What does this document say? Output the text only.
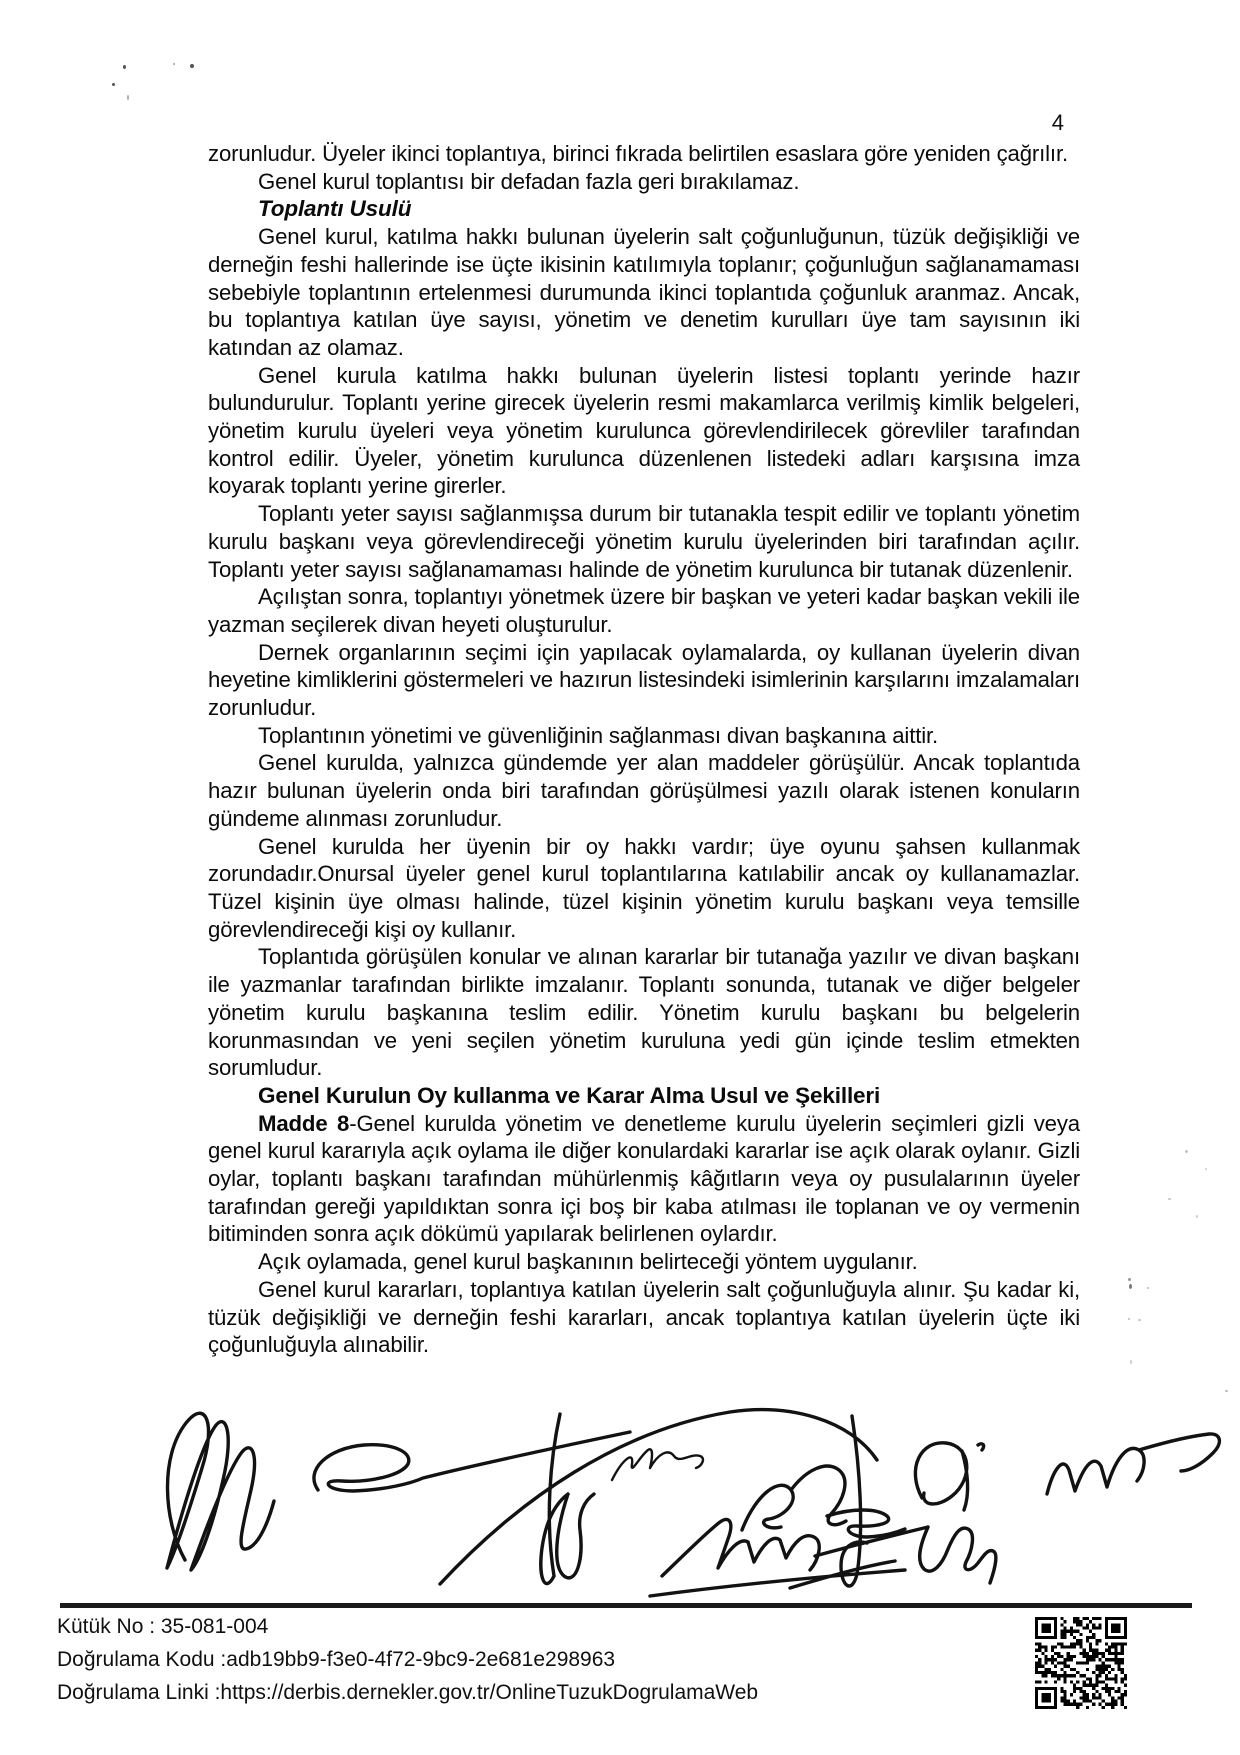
4

zorunludur. Üyeler ikinci toplantıya, birinci fıkrada belirtilen esaslara göre yeniden çağrılır.

Genel kurul toplantısı bir defadan fazla geri bırakılamaz.

Toplantı Usulü

Genel kurul, katılma hakkı bulunan üyelerin salt çoğunluğunun, tüzük değişikliği ve derneğin feshi hallerinde ise üçte ikisinin katılımıyla toplanır; çoğunluğun sağlanamaması sebebiyle toplantının ertelenmesi durumunda ikinci toplantıda çoğunluk aranmaz. Ancak, bu toplantıya katılan üye sayısı, yönetim ve denetim kurulları üye tam sayısının iki katından az olamaz.

Genel kurula katılma hakkı bulunan üyelerin listesi toplantı yerinde hazır bulundurulur. Toplantı yerine girecek üyelerin resmi makamlarca verilmiş kimlik belgeleri, yönetim kurulu üyeleri veya yönetim kurulunca görevlendirilecek görevliler tarafından kontrol edilir. Üyeler, yönetim kurulunca düzenlenen listedeki adları karşısına imza koyarak toplantı yerine girerler.

Toplantı yeter sayısı sağlanmışsa durum bir tutanakla tespit edilir ve toplantı yönetim kurulu başkanı veya görevlendireceği yönetim kurulu üyelerinden biri tarafından açılır. Toplantı yeter sayısı sağlanamaması halinde de yönetim kurulunca bir tutanak düzenlenir.

Açılıştan sonra, toplantıyı yönetmek üzere bir başkan ve yeteri kadar başkan vekili ile yazman seçilerek divan heyeti oluşturulur.

Dernek organlarının seçimi için yapılacak oylamalarda, oy kullanan üyelerin divan heyetine kimliklerini göstermeleri ve hazırun listesindeki isimlerinin karşılarını imzalamaları zorunludur.

Toplantının yönetimi ve güvenliğinin sağlanması divan başkanına aittir.

Genel kurulda, yalnızca gündemde yer alan maddeler görüşülür. Ancak toplantıda hazır bulunan üyelerin onda biri tarafından görüşülmesi yazılı olarak istenen konuların gündeme alınması zorunludur.

Genel kurulda her üyenin bir oy hakkı vardır; üye oyunu şahsen kullanmak zorundadır.Onursal üyeler genel kurul toplantılarına katılabilir ancak oy kullanamazlar. Tüzel kişinin üye olması halinde, tüzel kişinin yönetim kurulu başkanı veya temsille görevlendireceği kişi oy kullanır.

Toplantıda görüşülen konular ve alınan kararlar bir tutanağa yazılır ve divan başkanı ile yazmanlar tarafından birlikte imzalanır. Toplantı sonunda, tutanak ve diğer belgeler yönetim kurulu başkanına teslim edilir. Yönetim kurulu başkanı bu belgelerin korunmasından ve yeni seçilen yönetim kuruluna yedi gün içinde teslim etmekten sorumludur.

Genel Kurulun Oy kullanma ve Karar Alma Usul ve Şekilleri

Madde 8-Genel kurulda yönetim ve denetleme kurulu üyelerin seçimleri gizli veya genel kurul kararıyla açık oylama ile diğer konulardaki kararlar ise açık olarak oylanır. Gizli oylar, toplantı başkanı tarafından mühürlenmiş kâğıtların veya oy pusulalarının üyeler tarafından gereği yapıldıktan sonra içi boş bir kaba atılması ile toplanan ve oy vermenin bitiminden sonra açık dökümü yapılarak belirlenen oylardır.

Açık oylamada, genel kurul başkanının belirteceği yöntem uygulanır.

Genel kurul kararları, toplantıya katılan üyelerin salt çoğunluğuyla alınır. Şu kadar ki, tüzük değişikliği ve derneğin feshi kararları, ancak toplantıya katılan üyelerin üçte iki çoğunluğuyla alınabilir.

Kütük No : 35-081-004
Doğrulama Kodu :adb19bb9-f3e0-4f72-9bc9-2e681e298963
Doğrulama Linki :https://derbis.dernekler.gov.tr/OnlineTuzukDogrulamaWeb
